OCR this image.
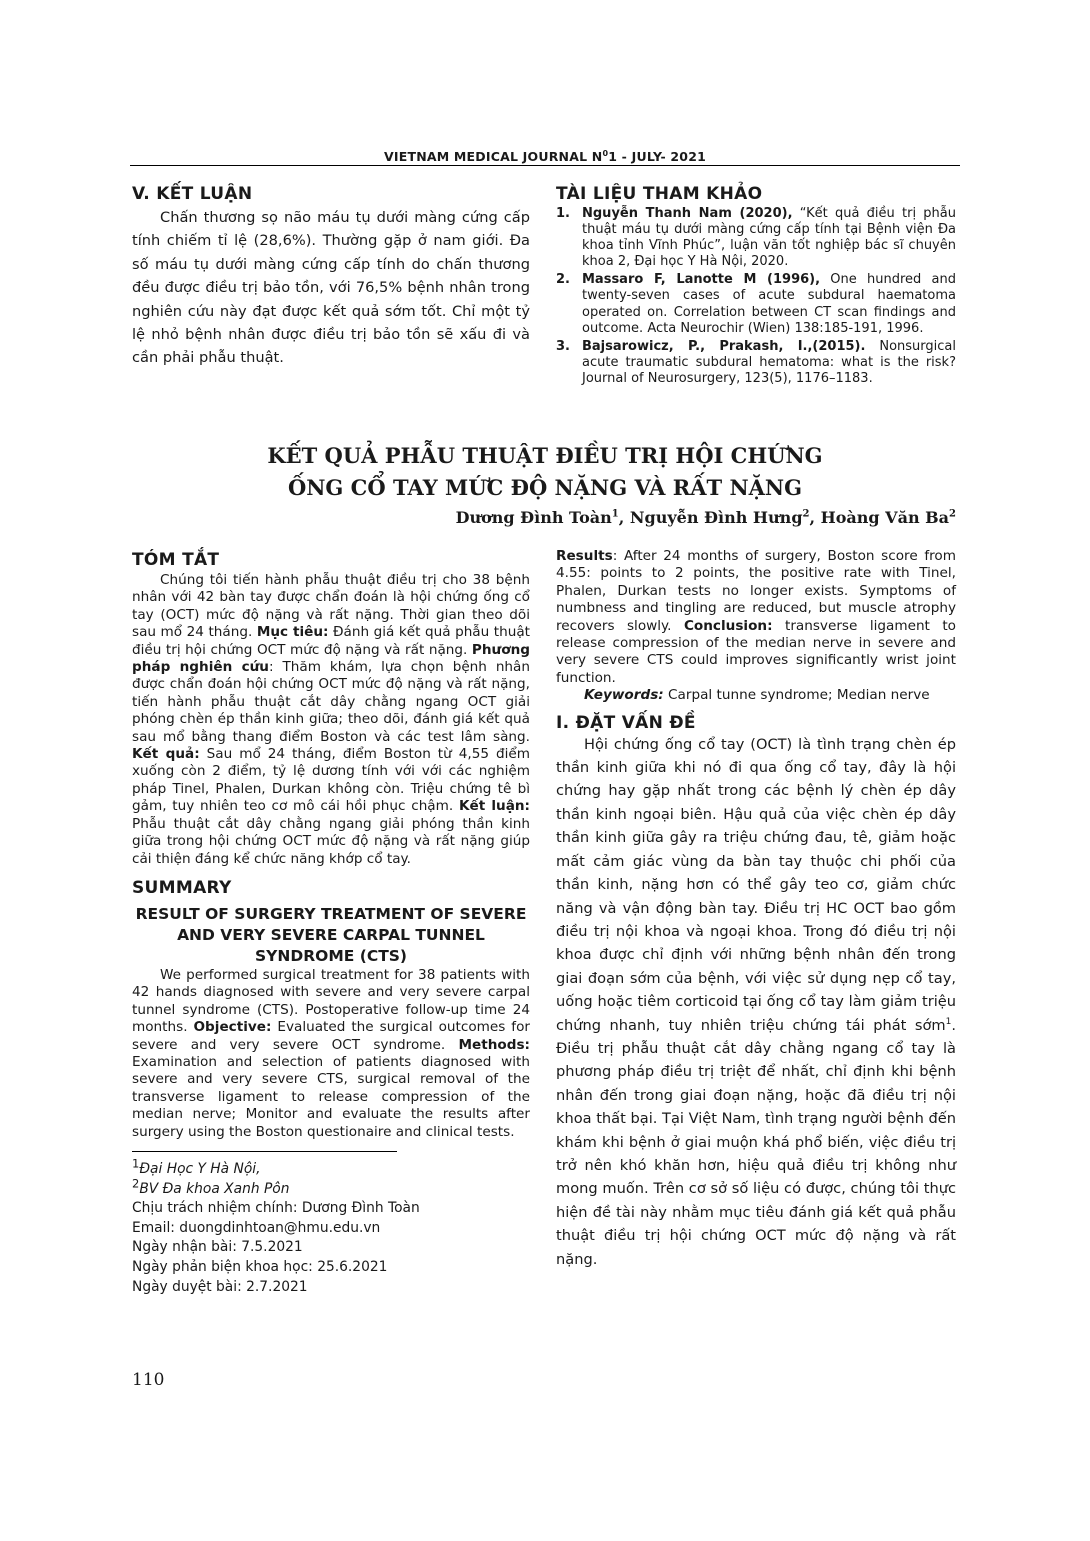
VIETNAM MEDICAL JOURNAL $N^01$ - JULY- 2021
V. KẾT LUẬN

Chấn thương sọ não máu tụ dưới màng cứng cấp tính chiếm tỉ lệ (28,6%). Thường gặp ở nam giới. Đa số máu tụ dưới màng cứng cấp tính do chấn thương đều được điều trị bảo tồn, với 76,5% bệnh nhân trong nghiên cứu này đạt được kết quả sớm tốt. Chỉ một tỷ lệ nhỏ bệnh nhân được điều trị bảo tồn sẽ xấu đi và cần phải phẫu thuật.

TÀI LIỆU THAM KHẢO
1. Nguyễn Thanh Nam (2020), “Kết quả điều trị phẫu thuật máu tụ dưới màng cứng cấp tính tại Bệnh viện Đa khoa tỉnh Vĩnh Phúc”, luận văn tốt nghiệp bác sĩ chuyên khoa 2, Đại học Y Hà Nội, 2020.
2. Massaro F, Lanotte M (1996), One hundred and twenty-seven cases of acute subdural haematoma operated on. Correlation between CT scan findings and outcome. Acta Neurochir (Wien) 138:185-191, 1996.
3. Bajsarowicz, P., Prakash, I.,(2015). Nonsurgical acute traumatic subdural hematoma: what is the risk? Journal of Neurosurgery, 123(5), 1176–1183.
KẾT QUẢ PHẪU THUẬT ĐIỀU TRỊ HỘI CHỨNG
ỐNG CỔ TAY MỨC ĐỘ NẶNG VÀ RẤT NẶNG
Dương Đình Toàn$^1$, Nguyễn Đình Hưng$^2$, Hoàng Văn Ba$^2$
TÓM TẮT

Chúng tôi tiến hành phẫu thuật điều trị cho 38 bệnh nhân với 42 bàn tay được chẩn đoán là hội chứng ống cổ tay (OCT) mức độ nặng và rất nặng. Thời gian theo dõi sau mổ 24 tháng. Mục tiêu: Đánh giá kết quả phẫu thuật điều trị hội chứng OCT mức độ nặng và rất nặng. Phương pháp nghiên cứu: Thăm khám, lựa chọn bệnh nhân được chẩn đoán hội chứng OCT mức độ nặng và rất nặng, tiến hành phẫu thuật cắt dây chằng ngang OCT giải phóng chèn ép thần kinh giữa; theo dõi, đánh giá kết quả sau mổ bằng thang điểm Boston và các test lâm sàng. Kết quả: Sau mổ 24 tháng, điểm Boston từ 4,55 điểm xuống còn 2 điểm, tỷ lệ dương tính với với các nghiệm pháp Tinel, Phalen, Durkan không còn. Triệu chứng tê bì gảm, tuy nhiên teo cơ mô cái hồi phục chậm. Kết luận: Phẫu thuật cắt dây chằng ngang giải phóng thần kinh giữa trong hội chứng OCT mức độ nặng và rất nặng giúp cải thiện đáng kể chức năng khớp cổ tay.

SUMMARY
RESULT OF SURGERY TREATMENT OF SEVERE AND VERY SEVERE CARPAL TUNNEL SYNDROME (CTS)

We performed surgical treatment for 38 patients with 42 hands diagnosed with severe and very severe carpal tunnel syndrome (CTS). Postoperative follow-up time 24 months. Objective: Evaluated the surgical outcomes for severe and very severe OCT syndrome. Methods: Examination and selection of patients diagnosed with severe and very severe CTS, surgical removal of the transverse ligament to release compression of the median nerve; Monitor and evaluate the results after surgery using the Boston questionaire and clinical tests.

$^1$Đại Học Y Hà Nội,

$^2$BV Đa khoa Xanh Pôn

Chịu trách nhiệm chính: Dương Đình Toàn

Email: duongdinhtoan@hmu.edu.vn

Ngày nhận bài: 7.5.2021

Ngày phản biện khoa học: 25.6.2021

Ngày duyệt bài: 2.7.2021

Results: After 24 months of surgery, Boston score from 4.55: points to 2 points, the positive rate with Tinel, Phalen, Durkan tests no longer exists. Symptoms of numbness and tingling are reduced, but muscle atrophy recovers slowly. Conclusion: transverse ligament to release compression of the median nerve in severe and very severe CTS could improves significantly wrist joint function.

Keywords: Carpal tunne syndrome; Median nerve

I. ĐẶT VẤN ĐỀ

Hội chứng ống cổ tay (OCT) là tình trạng chèn ép thần kinh giữa khi nó đi qua ống cổ tay, đây là hội chứng hay gặp nhất trong các bệnh lý chèn ép dây thần kinh ngoại biên. Hậu quả của việc chèn ép dây thần kinh giữa gây ra triệu chứng đau, tê, giảm hoặc mất cảm giác vùng da bàn tay thuộc chi phối của thần kinh, nặng hơn có thể gây teo cơ, giảm chức năng và vận động bàn tay. Điều trị HC OCT bao gồm điều trị nội khoa và ngoại khoa. Trong đó điều trị nội khoa được chỉ định với những bệnh nhân đến trong giai đoạn sớm của bệnh, với việc sử dụng nẹp cổ tay, uống hoặc tiêm corticoid tại ống cổ tay làm giảm triệu chứng nhanh, tuy nhiên triệu chứng tái phát sớm$^1$. Điều trị phẫu thuật cắt dây chằng ngang cổ tay là phương pháp điều trị triệt để nhất, chỉ định khi bệnh nhân đến trong giai đoạn nặng, hoặc đã điều trị nội khoa thất bại. Tại Việt Nam, tình trạng người bệnh đến khám khi bệnh ở giai muộn khá phổ biến, việc điều trị trở nên khó khăn hơn, hiệu quả điều trị không như mong muốn. Trên cơ sở số liệu có được, chúng tôi thực hiện đề tài này nhằm mục tiêu đánh giá kết quả phẫu thuật điều trị hội chứng OCT mức độ nặng và rất nặng.

110
